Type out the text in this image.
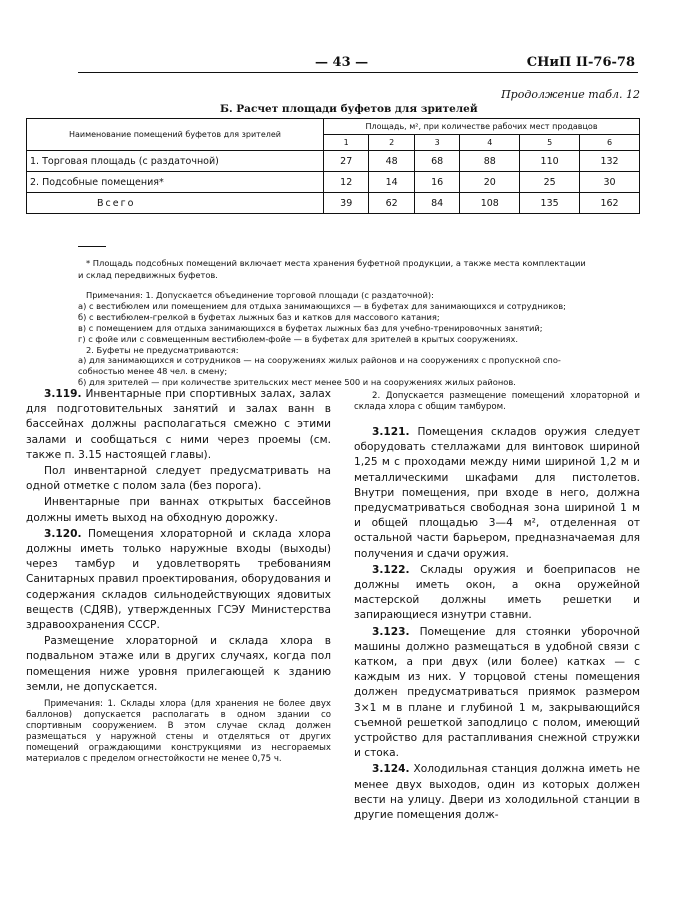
— 43 —	СНиП II-76-78
Продолжение табл. 12
Б. Расчет площади буфетов для зрителей
Наименование помещений буфетов для зрителей	Площадь, м², при количестве рабочих мест продавцов					
	1	2	3	4	5	6
1. Торговая площадь (с раздаточной)	27	48	68	88	110	132
2. Подсобные помещения*	12	14	16	20	25	30
Всего	39	62	84	108	135	162
* Площадь подсобных помещений включает места хранения буфетной продукции, а также места комплектации
и склад передвижных буфетов.
Примечания: 1. Допускается объединение торговой площади (с раздаточной):
а) с вестибюлем или помещением для отдыха занимающихся — в буфетах для занимающихся и сотрудников;
б) с вестибюлем-грелкой в буфетах лыжных баз и катков для массового катания;
в) с помещением для отдыха занимающихся в буфетах лыжных баз для учебно-тренировочных занятий;
г) с фойе или с совмещенным вестибюлем-фойе — в буфетах для зрителей в крытых сооружениях.
2. Буфеты не предусматриваются:
а) для занимающихся и сотрудников — на сооружениях жилых районов и на сооружениях с пропускной спо-
собностью менее 48 чел. в смену;
б) для зрителей — при количестве зрительских мест менее 500 и на сооружениях жилых районов.

3.119. Инвентарные при спортивных залах, залах для подготовительных занятий и залах ванн в бассейнах должны располагаться смежно с этими залами и сообщаться с ними через проемы (см. также п. 3.15 настоящей главы).

Пол инвентарной следует предусматривать на одной отметке с полом зала (без порога).

Инвентарные при ваннах открытых бассейнов должны иметь выход на обходную дорожку.

3.120. Помещения хлораторной и склада хлора должны иметь только наружные входы (выходы) через тамбур и удовлетворять требованиям Санитарных правил проектирования, оборудования и содержания складов сильнодействующих ядовитых веществ (СДЯВ), утвержденных ГСЭУ Министерства здравоохранения СССР.

Размещение хлораторной и склада хлора в подвальном этаже или в других случаях, когда пол помещения ниже уровня прилегающей к зданию земли, не допускается.

Примечания: 1. Склады хлора (для хранения не более двух баллонов) допускается располагать в одном здании со спортивным сооружением. В этом случае склад должен размещаться у наружной стены и отделяться от других помещений ограждающими конструкциями из несгораемых материалов с пределом огнестойкости не менее 0,75 ч.

2. Допускается размещение помещений хлораторной и склада хлора с общим тамбуром.

3.121. Помещения складов оружия следует оборудовать стеллажами для винтовок шириной 1,25 м с проходами между ними шириной 1,2 м и металлическими шкафами для пистолетов. Внутри помещения, при входе в него, должна предусматриваться свободная зона шириной 1 м и общей площадью 3—4 м², отделенная от остальной части барьером, предназначаемая для получения и сдачи оружия.

3.122. Склады оружия и боеприпасов не должны иметь окон, а окна оружейной мастерской должны иметь решетки и запирающиеся изнутри ставни.

3.123. Помещение для стоянки уборочной машины должно размещаться в удобной связи с катком, а при двух (или более) катках — с каждым из них. У торцовой стены помещения должен предусматриваться приямок размером 3×1 м в плане и глубиной 1 м, закрывающийся съемной решеткой заподлицо с полом, имеющий устройство для растапливания снежной стружки и стока.

3.124. Холодильная станция должна иметь не менее двух выходов, один из которых должен вести на улицу. Двери из холодильной станции в другие помещения долж-
